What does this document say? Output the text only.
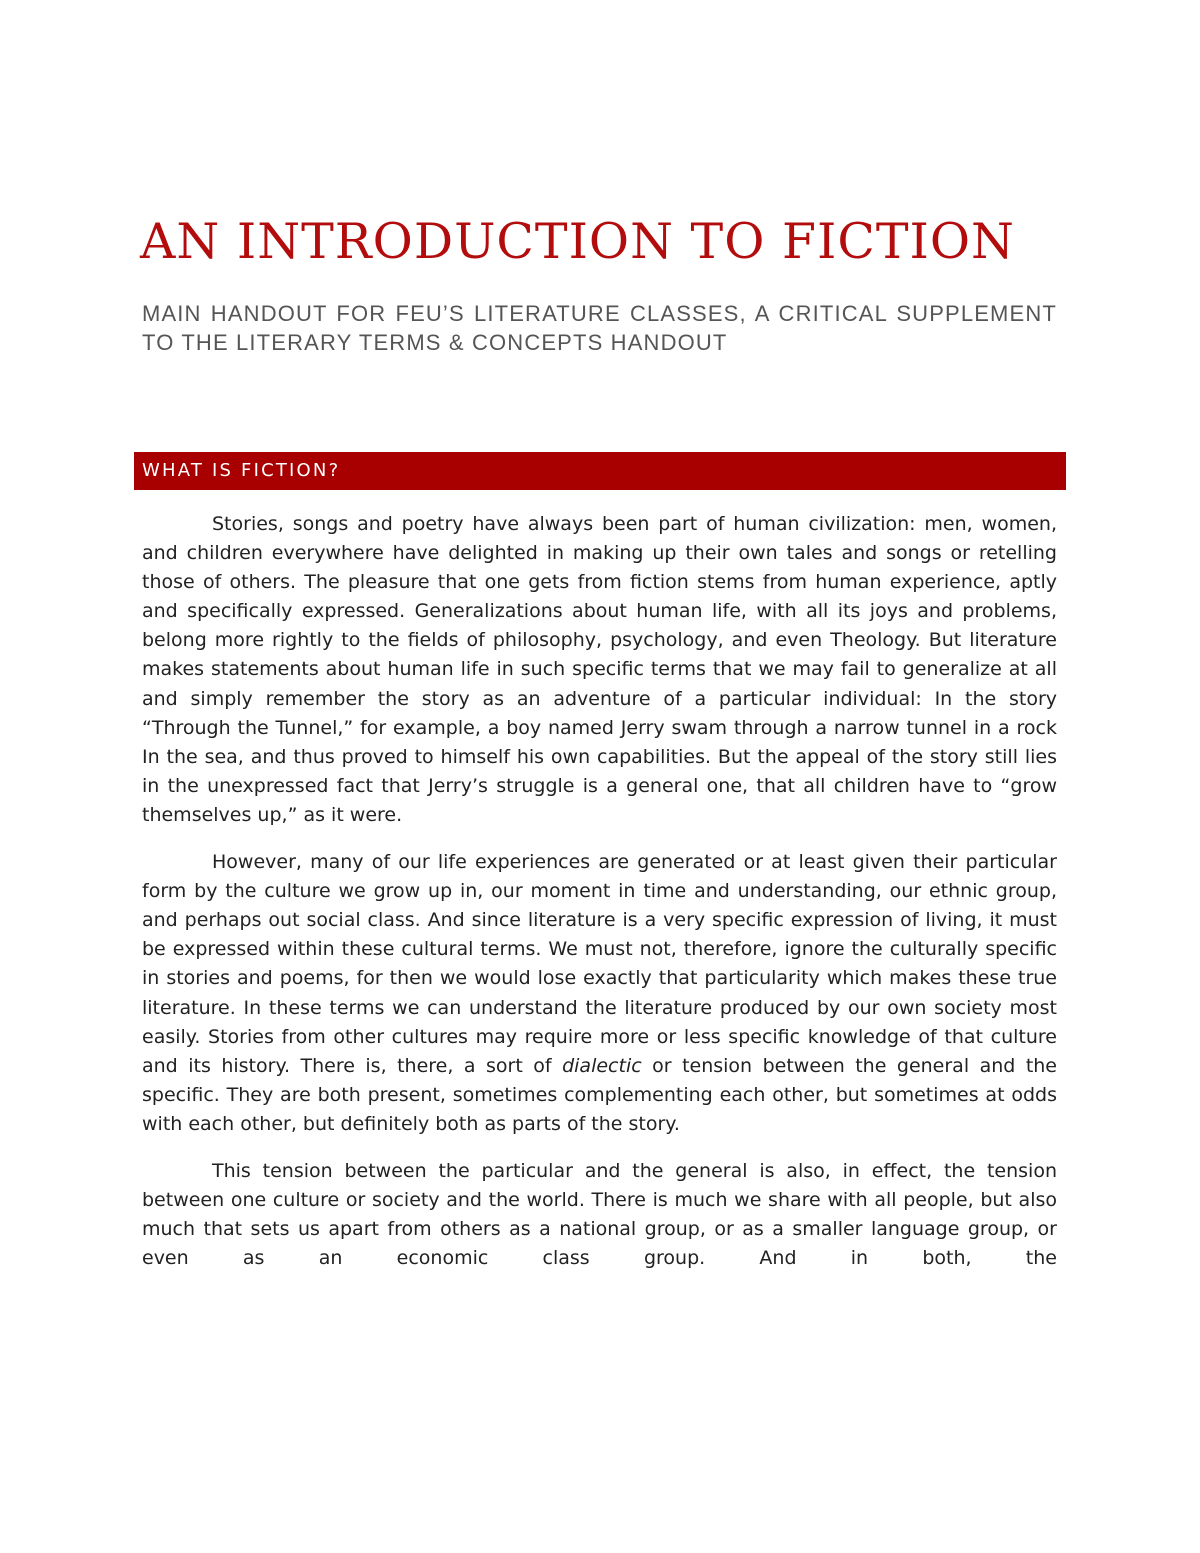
AN INTRODUCTION TO FICTION
MAIN HANDOUT FOR FEU’S LITERATURE CLASSES, A CRITICAL SUPPLEMENT TO THE LITERARY TERMS & CONCEPTS HANDOUT
WHAT IS FICTION?

Stories, songs and poetry have always been part of human civilization: men, women, and children everywhere have delighted in making up their own tales and songs or retelling those of others. The pleasure that one gets from fiction stems from human experience, aptly and specifically expressed. Generalizations about human life, with all its joys and problems, belong more rightly to the fields of philosophy, psychology, and even Theology. But literature makes statements about human life in such specific terms that we may fail to generalize at all and simply remember the story as an adventure of a particular individual: In the story “Through the Tunnel,” for example, a boy named Jerry swam through a narrow tunnel in a rock In the sea, and thus proved to himself his own capabilities. But the appeal of the story still lies in the unexpressed fact that Jerry’s struggle is a general one, that all children have to “grow themselves up,” as it were.

However, many of our life experiences are generated or at least given their particular form by the culture we grow up in, our moment in time and understanding, our ethnic group, and perhaps out social class. And since literature is a very specific expression of living, it must be expressed within these cultural terms. We must not, therefore, ignore the culturally specific in stories and poems, for then we would lose exactly that particularity which makes these true literature. In these terms we can understand the literature produced by our own society most easily. Stories from other cultures may require more or less specific knowledge of that culture and its history. There is, there, a sort of dialectic or tension between the general and the specific. They are both present, sometimes complementing each other, but sometimes at odds with each other, but definitely both as parts of the story.

This tension between the particular and the general is also, in effect, the tension between one culture or society and the world. There is much we share with all people, but also much that sets us apart from others as a national group, or as a smaller language group, or even as an economic class group. And in both, the
